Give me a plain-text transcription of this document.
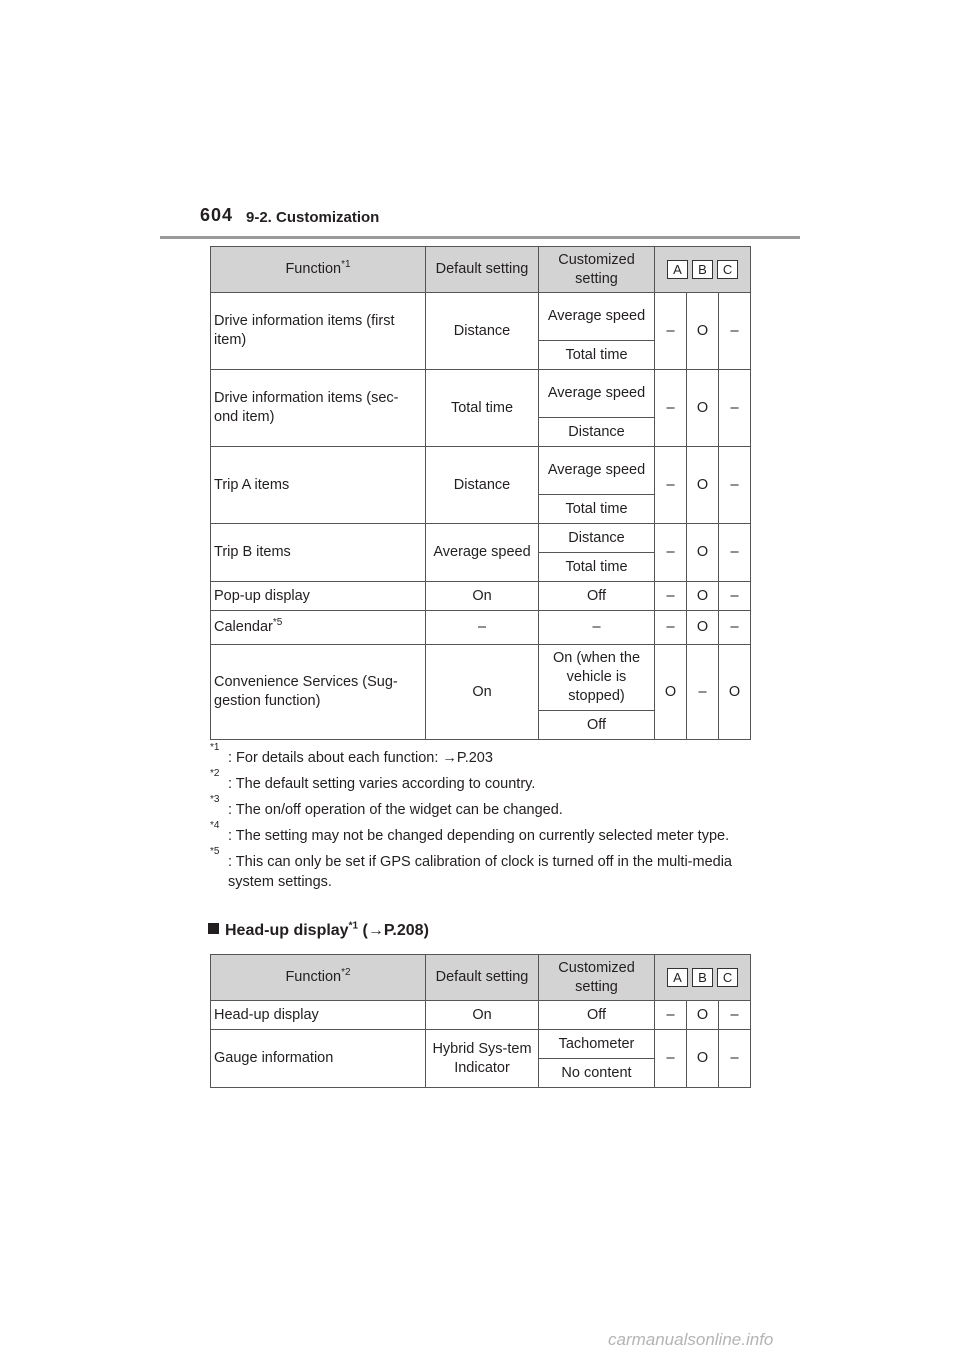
604 9-2. Customization
Function$^{*1}$	Default setting	Customized setting	A B C		
Drive information items (first item)	Distance	Average speed	–	O	–
		Total time			
Drive information items (sec-ond item)	Total time	Average speed	–	O	–
		Distance			
Trip A items	Distance	Average speed	–	O	–
		Total time			
Trip B items	Average speed	Distance	–	O	–
		Total time			
Pop-up display	On	Off	–	O	–
Calendar$^{*5}$	–	–	–	O	–
Convenience Services (Sug-gestion function)	On	On (when the vehicle is stopped)	O	–	O
		Off			
*1
: For details about each function: →P.203
*2
: The default setting varies according to country.
*3
: The on/off operation of the widget can be changed.
*4
: The setting may not be changed depending on currently selected meter type.
*5
: This can only be set if GPS calibration of clock is turned off in the multi-media system settings.
Head-up display$^{*1}$ (→P.208)
Function$^{*2}$	Default setting	Customized setting	A B C		
Head-up display	On	Off	–	O	–
Gauge information	Hybrid Sys-tem Indicator	Tachometer	–	O	–
		No content			
carmanualsonline.info
